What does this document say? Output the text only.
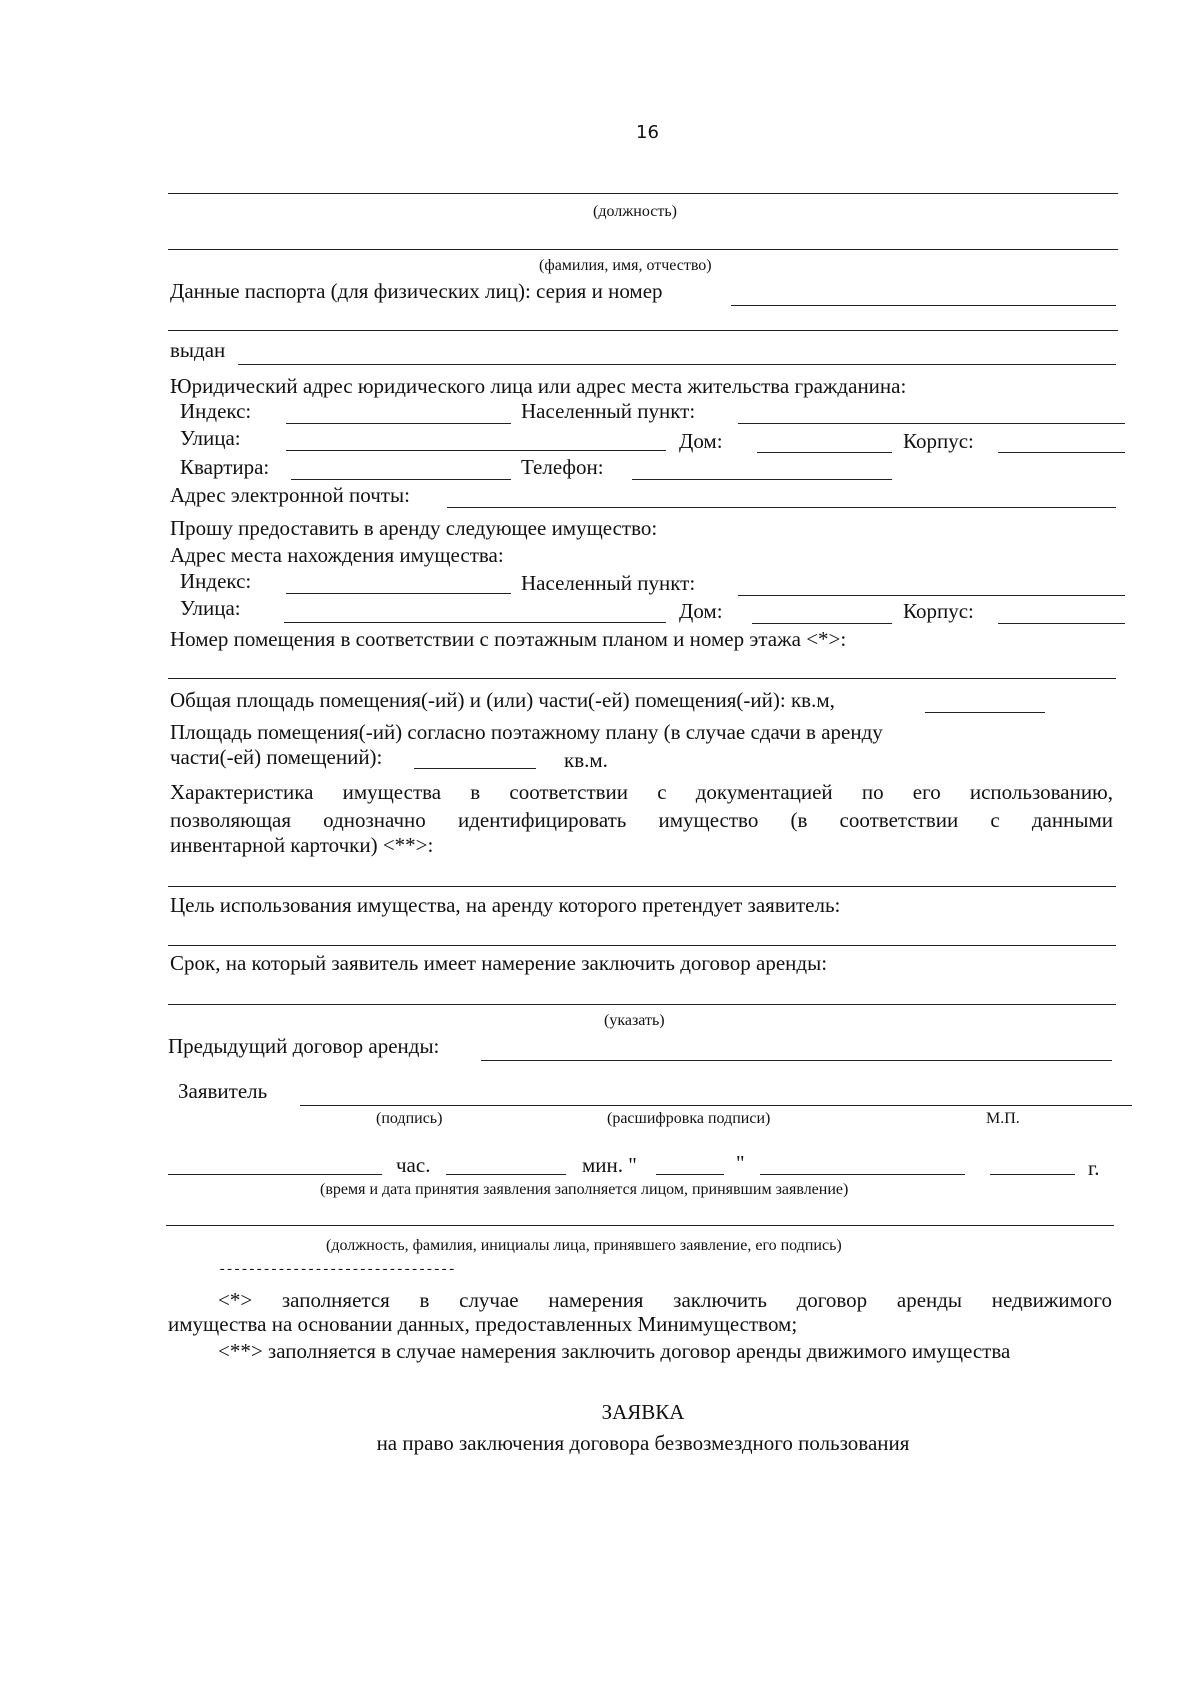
16
(должность)
(фамилия, имя, отчество)
Данные паспорта (для физических лиц): серия и номер
выдан
Юридический адрес юридического лица или адрес места жительства гражданина:
Индекс:	Населенный пункт:
Улица:	Дом:	Корпус:
Квартира:	Телефон:
Адрес электронной почты:
Прошу предоставить в аренду следующее имущество:
Адрес места нахождения имущества:
Индекс:	Населенный пункт:
Улица:	Дом:	Корпус:
Номер помещения в соответствии с поэтажным планом и номер этажа <*>:
Общая площадь помещения(-ий) и (или) части(-ей) помещения(-ий): кв.м,
Площадь помещения(-ий) согласно поэтажному плану (в случае сдачи в аренду
части(-ей) помещений):	кв.м.
Характеристика имущества в соответствии с документацией по его использованию,
позволяющая однозначно идентифицировать имущество (в соответствии с данными
инвентарной карточки) <**>:
Цель использования имущества, на аренду которого претендует заявитель:
Срок, на который заявитель имеет намерение заключить договор аренды:
(указать)
Предыдущий договор аренды:
Заявитель
(подпись)	(расшифровка подписи)	М.П.
час.	мин. "	"	г.
(время и дата принятия заявления заполняется лицом, принявшим заявление)
(должность, фамилия, инициалы лица, принявшего заявление, его подпись)
--------------------------------
<*> заполняется в случае намерения заключить договор аренды недвижимого
имущества на основании данных, предоставленных Минимуществом;
<**> заполняется в случае намерения заключить договор аренды движимого имущества
ЗАЯВКА
на право заключения договора безвозмездного пользования
